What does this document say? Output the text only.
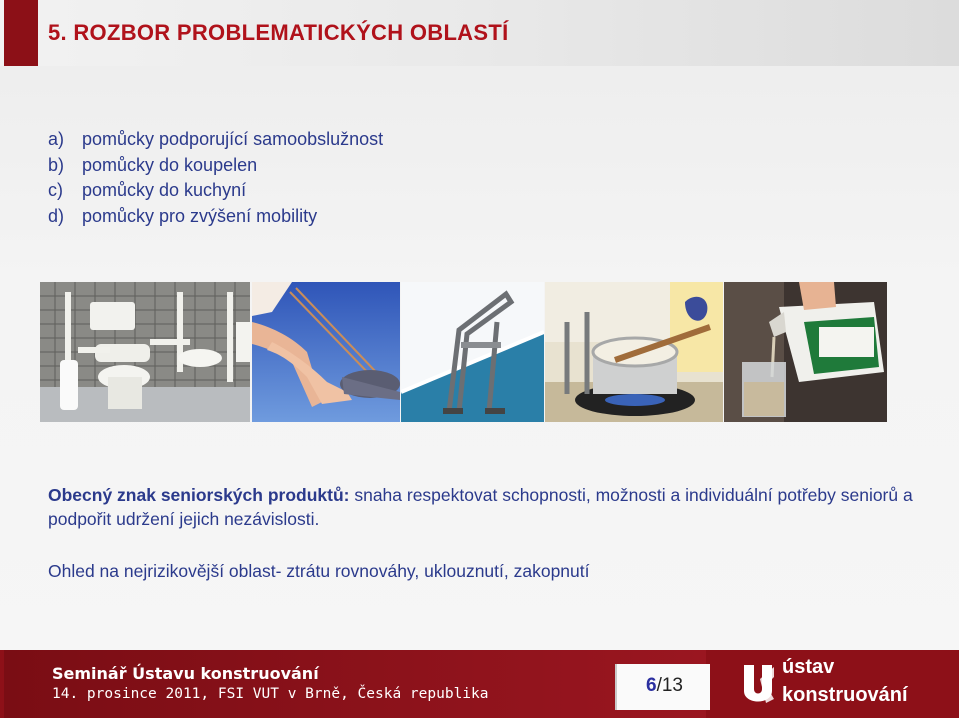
5. ROZBOR PROBLEMATICKÝCH OBLASTÍ
a) pomůcky podporující samoobslužnost
b) pomůcky do koupelen
c)	pomůcky do kuchyní
d) pomůcky pro zvýšení mobility
Obecný znak seniorských produktů: snaha respektovat schopnosti, možnosti a individuální potřeby seniorů a podpořit udržení jejich nezávislosti.
Ohled na nejrizikovější oblast- ztrátu rovnováhy, uklouznutí, zakopnutí
Seminář Ústavu konstruování
14. prosince 2011, FSI VUT v Brně, Česká republika	6/13
ústav
konstruování
